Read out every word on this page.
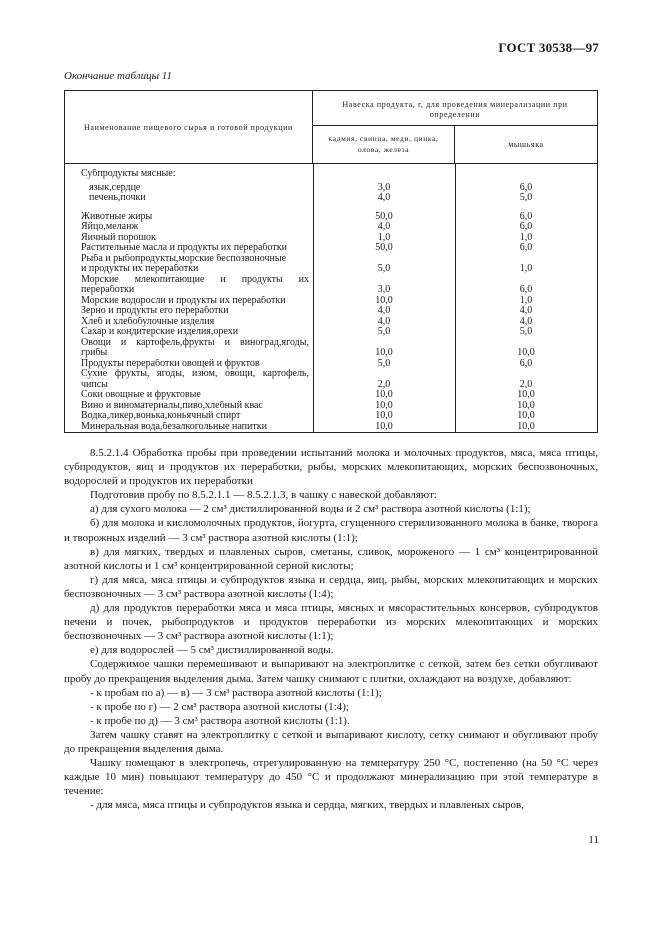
ГОСТ 30538—97
Окончание таблицы 11
Наименование пищевого сырья и готовой продукции
Навеска продукта, г, для проведения минерализации при определении
кадмия, свинца, меди, цинка, олова, железа
мышьяка
Субпродукты мясные:
язык,сердце	3,0	6,0
печень,почки	4,0	5,0
Животные жиры	50,0	6,0
Яйцо,меланж	4,0	6,0
Яичный порошок	1,0	1,0
Растительные масла и продукты их переработки	50,0	6,0
Рыба и рыбопродукты,морские беспозвоночные
и продукты их переработки	5,0	1,0
Морские млекопитающие и продукты их
переработки	3,0	6,0
Морские водоросли и продукты их переработки	10,0	1,0
Зерно и продукты его переработки	4,0	4,0
Хлеб и хлебобулочные изделия	4,0	4,0
Сахар и кондитерские изделия,орехи	5,0	5,0
Овощи и картофель,фрукты и виноград,ягоды,
грибы	10,0	10,0
Продукты переработки овощей и фруктов	5,0	6,0
Сухие фрукты, ягоды, изюм, овощи, картофель,
чипсы	2,0	2,0
Соки овощные и фруктовые	10,0	10,0
Вино и виноматериалы,пиво,хлебный квас	10,0	10,0
Водка,ликер,вонька,коньячный спирт	10,0	10,0
Минеральная вода,безалкогольные напитки	10,0	10,0

8.5.2.1.4 Обработка пробы при проведении испытаний молока и молочных продуктов, мяса, мяса птицы, субпродуктов, яиц и продуктов их переработки, рыбы, морских млекопитающих, морских беспозвоночных, водорослей и продуктов их переработки

Подготовив пробу по 8.5.2.1.1 — 8.5.2.1.3, в чашку с навеской добавляют:

а) для сухого молока — 2 см³ дистиллированной воды и 2 см³ раствора азотной кислоты (1:1);

б) для молока и кисломолочных продуктов, йогурта, сгущенного стерилизованного молока в банке, творога и творожных изделий — 3 см³ раствора азотной кислоты (1:1);

в) для мягких, твердых и плавленых сыров, сметаны, сливок, мороженого — 1 см³ концентрированной азотной кислоты и 1 см³ концентрированной серной кислоты;

г) для мяса, мяса птицы и субпродуктов языка и сердца, яиц, рыбы, морских млекопитающих и морских беспозвоночных — 3 см³ раствора азотной кислоты (1:4);

д) для продуктов переработки мяса и мяса птицы, мясных и мясорастительных консервов, субпродуктов печени и почек, рыбопродуктов и продуктов переработки из морских млекопитающих и морских беспозвоночных — 3 см³ раствора азотной кислоты (1:1);

е) для водорослей — 5 см³ дистиллированной воды.

Содержимое чашки перемешивают и выпаривают на электроплитке с сеткой, затем без сетки обугливают пробу до прекращения выделения дыма. Затем чашку снимают с плитки, охлаждают на воздухе, добавляют:

- к пробам по а) — в) — 3 см³ раствора азотной кислоты (1:1);

- к пробе по г) — 2 см³ раствора азотной кислоты (1:4);

- к пробе по д) — 3 см³ раствора азотной кислоты (1:1).

Затем чашку ставят на электроплитку с сеткой и выпаривают кислоту, сетку снимают и обугливают пробу до прекращения выделения дыма.

Чашку помещают в электропечь, отрегулированную на температуру 250 °С, постепенно (на 50 °С через каждые 10 мин) повышают температуру до 450 °С и продолжают минерализацию при этой температуре в течение:

- для мяса, мяса птицы и субпродуктов языка и сердца, мягких, твердых и плавленых сыров,

11
